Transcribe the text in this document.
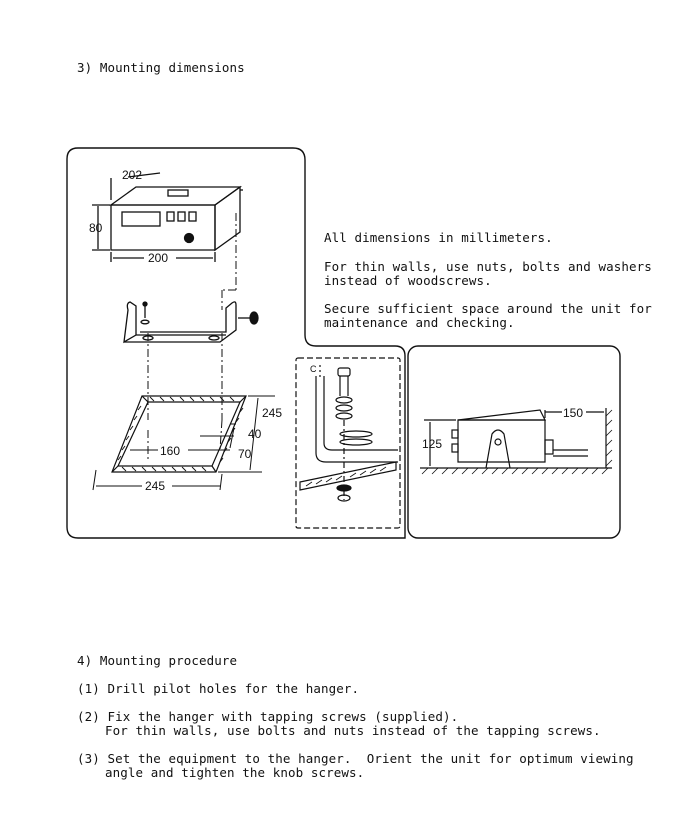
3) Mounting dimensions
202
80
200
245
40
70
160
245
C
125
150
All dimensions in millimeters.
For thin walls, use nuts, bolts and washers
instead of woodscrews.
Secure sufficient space around the unit for
maintenance and checking.
4) Mounting procedure
(1) Drill pilot holes for the hanger.
(2) Fix the hanger with tapping screws (supplied).
For thin walls, use bolts and nuts instead of the tapping screws.
(3) Set the equipment to the hanger.  Orient the unit for optimum viewing
angle and tighten the knob screws.
